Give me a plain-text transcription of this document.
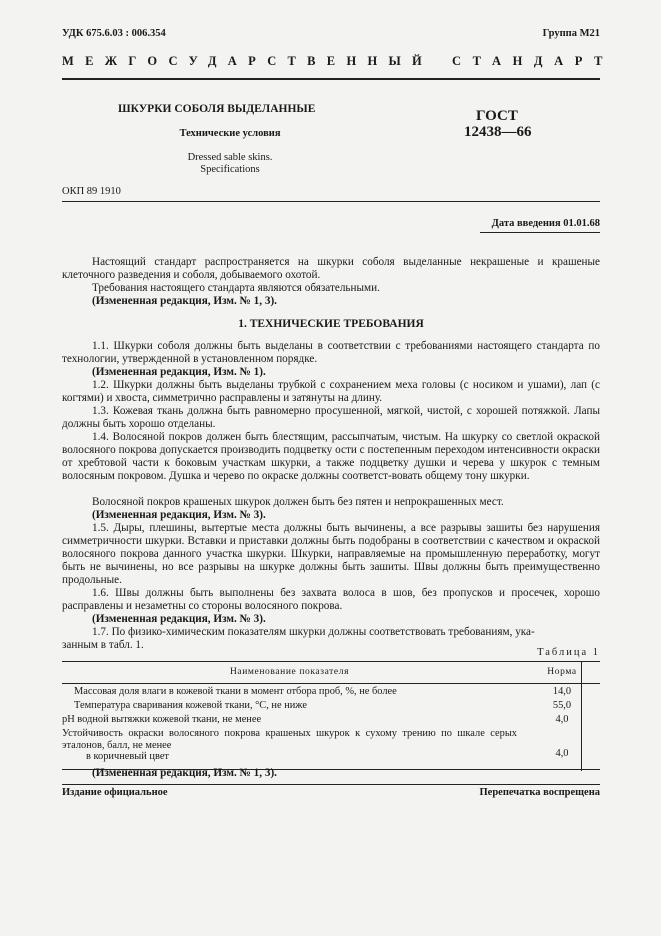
УДК 675.6.03 : 006.354	Группа М21
МЕЖГОСУДАРСТВЕННЫЙ СТАНДАРТ
ШКУРКИ СОБОЛЯ ВЫДЕЛАННЫЕ
Технические условия
Dressed sable skins.
Specifications
ГОСТ
12438—66
ОКП 89 1910
Дата введения 01.01.68
Настоящий стандарт распространяется на шкурки соболя выделанные некрашеные и крашеные клеточного разведения и соболя, добываемого охотой.
Требования настоящего стандарта являются обязательными.
(Измененная редакция, Изм. № 1, 3).
1. ТЕХНИЧЕСКИЕ ТРЕБОВАНИЯ
1.1. Шкурки соболя должны быть выделаны в соответствии с требованиями настоящего стандарта по технологии, утвержденной в установленном порядке.
(Измененная редакция, Изм. № 1).
1.2. Шкурки должны быть выделаны трубкой с сохранением меха головы (с носиком и ушами), лап (с когтями) и хвоста, симметрично расправлены и затянуты на длину.
1.3. Кожевая ткань должна быть равномерно просушенной, мягкой, чистой, с хорошей потяжкой. Лапы должны быть хорошо отделаны.
1.4. Волосяной покров должен быть блестящим, рассыпчатым, чистым. На шкурку со светлой окраской волосяного покрова допускается производить подцветку ости с постепенным переходом интенсивности окраски от хребтовой части к боковым участкам шкурки, а также подцветку душки и черева у шкурок с темным волосяным покровом. Душка и черево по окраске должны соответст-вовать общему тону шкурки.
Волосяной покров крашеных шкурок должен быть без пятен и непрокрашенных мест.
(Измененная редакция, Изм. № 3).
1.5. Дыры, плешины, вытертые места должны быть вычинены, а все разрывы зашиты без нарушения симметричности шкурки. Вставки и приставки должны быть подобраны в соответствии с качеством и окраской волосяного покрова данного участка шкурки. Шкурки, направляемые на промышленную переработку, могут быть не вычинены, но все разрывы на шкурке должны быть зашиты. Швы должны быть преимущественно продольные.
1.6. Швы должны быть выполнены без захвата волоса в шов, без пропусков и просечек, хорошо расправлены и незаметны со стороны волосяного покрова.
(Измененная редакция, Изм. № 3).
1.7. По физико-химическим показателям шкурки должны соответствовать требованиям, ука-
занным в табл. 1.
Таблица 1
Наименование показателя	Норма
Массовая доля влаги в кожевой ткани в момент отбора проб, %, не более	14,0
Температура сваривания кожевой ткани, °С, не ниже	55,0
pH водной вытяжки кожевой ткани, не менее	4,0
Устойчивость окраски волосяного покрова крашеных шкурок к сухому трению по шкале серых эталонов, балл, не менее
в коричневый цвет	4,0
(Измененная редакция, Изм. № 1, 3).
Издание официальное	Перепечатка воспрещена
